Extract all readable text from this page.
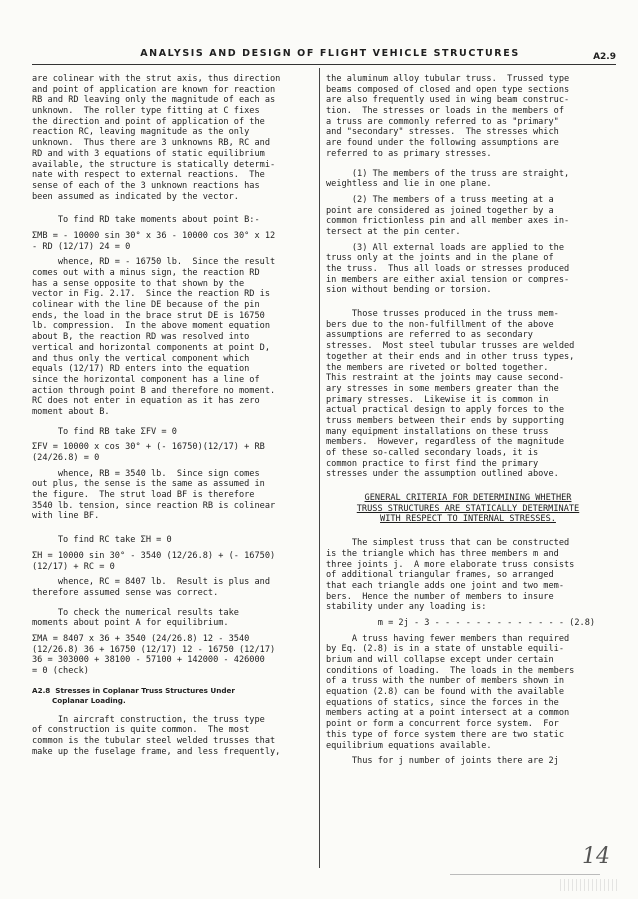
ANALYSIS AND DESIGN OF FLIGHT VEHICLE STRUCTURES	A2.9
are colinear with the strut axis, thus direction
and point of application are known for reaction
RB and RD leaving only the magnitude of each as
unknown.  The roller type fitting at C fixes
the direction and point of application of the
reaction RC, leaving magnitude as the only
unknown.  Thus there are 3 unknowns RB, RC and
RD and with 3 equations of static equilibrium
available, the structure is statically determi-
nate with respect to external reactions.  The
sense of each of the 3 unknown reactions has
been assumed as indicated by the vector.
To find RD take moments about point B:-
ΣMB = - 10000 sin 30° x 36 - 10000 cos 30° x 12
- RD (12/17) 24 = 0
whence, RD = - 16750 lb.  Since the result
comes out with a minus sign, the reaction RD
has a sense opposite to that shown by the
vector in Fig. 2.17.  Since the reaction RD is
colinear with the line DE because of the pin
ends, the load in the brace strut DE is 16750
lb. compression.  In the above moment equation
about B, the reaction RD was resolved into
vertical and horizontal components at point D,
and thus only the vertical component which
equals (12/17) RD enters into the equation
since the horizontal component has a line of
action through point B and therefore no moment.
RC does not enter in equation as it has zero
moment about B.
To find RB take ΣFV = 0
ΣFV = 10000 x cos 30° + (- 16750)(12/17) + RB
(24/26.8) = 0
whence, RB = 3540 lb.  Since sign comes
out plus, the sense is the same as assumed in
the figure.  The strut load BF is therefore
3540 lb. tension, since reaction RB is colinear
with line BF.
To find RC take ΣH = 0
ΣH = 10000 sin 30° - 3540 (12/26.8) + (- 16750)
(12/17) + RC = 0
whence, RC = 8407 lb.  Result is plus and
therefore assumed sense was correct.
To check the numerical results take
moments about point A for equilibrium.
ΣMA = 8407 x 36 + 3540 (24/26.8) 12 - 3540
(12/26.8) 36 + 16750 (12/17) 12 - 16750 (12/17)
36 = 303000 + 38100 - 57100 + 142000 - 426000
= 0 (check)
A2.8  Stresses in Coplanar Truss Structures Under
Coplanar Loading.
In aircraft construction, the truss type
of construction is quite common.  The most
common is the tubular steel welded trusses that
make up the fuselage frame, and less frequently,
the aluminum alloy tubular truss.  Trussed type
beams composed of closed and open type sections
are also frequently used in wing beam construc-
tion.  The stresses or loads in the members of
a truss are commonly referred to as "primary"
and "secondary" stresses.  The stresses which
are found under the following assumptions are
referred to as primary stresses.
(1) The members of the truss are straight,
weightless and lie in one plane.
(2) The members of a truss meeting at a
point are considered as joined together by a
common frictionless pin and all member axes in-
tersect at the pin center.
(3) All external loads are applied to the
truss only at the joints and in the plane of
the truss.  Thus all loads or stresses produced
in members are either axial tension or compres-
sion without bending or torsion.
Those trusses produced in the truss mem-
bers due to the non-fulfillment of the above
assumptions are referred to as secondary
stresses.  Most steel tubular trusses are welded
together at their ends and in other truss types,
the members are riveted or bolted together.
This restraint at the joints may cause second-
ary stresses in some members greater than the
primary stresses.  Likewise it is common in
actual practical design to apply forces to the
truss members between their ends by supporting
many equipment installations on these truss
members.  However, regardless of the magnitude
of these so-called secondary loads, it is
common practice to first find the primary
stresses under the assumption outlined above.
GENERAL CRITERIA FOR DETERMINING WHETHER
TRUSS STRUCTURES ARE STATICALLY DETERMINATE
WITH RESPECT TO INTERNAL STRESSES.
The simplest truss that can be constructed
is the triangle which has three members m and
three joints j.  A more elaborate truss consists
of additional triangular frames, so arranged
that each triangle adds one joint and two mem-
bers.  Hence the number of members to insure
stability under any loading is:
m = 2j - 3 - - - - - - - - - - - - - (2.8)
A truss having fewer members than required
by Eq. (2.8) is in a state of unstable equili-
brium and will collapse except under certain
conditions of loading.  The loads in the members
of a truss with the number of members shown in
equation (2.8) can be found with the available
equations of statics, since the forces in the
members acting at a point intersect at a common
point or form a concurrent force system.  For
this type of force system there are two static
equilibrium equations available.
Thus for j number of joints there are 2j
14
